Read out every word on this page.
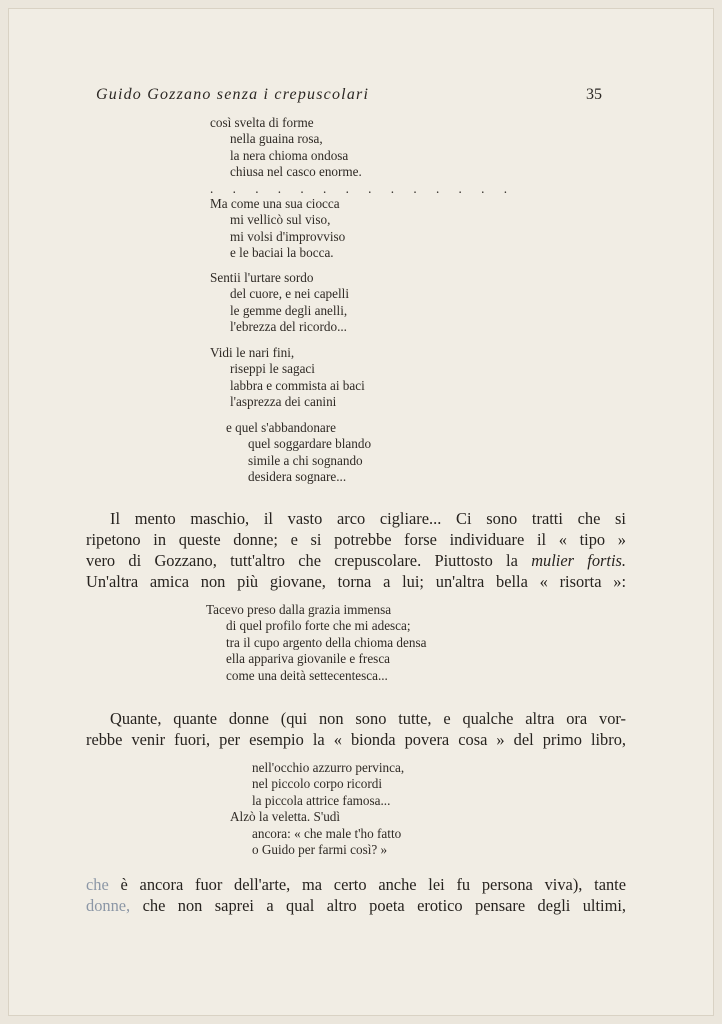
Guido Gozzano senza i crepuscolari	35
così svelta di forme
nella guaina rosa,
la nera chioma ondosa
chiusa nel casco enorme.
. . . . . . . . . . . . . .
Ma come una sua ciocca
mi vellicò sul viso,
mi volsi d'improvviso
e le baciai la bocca.
Sentii l'urtare sordo
del cuore, e nei capelli
le gemme degli anelli,
l'ebrezza del ricordo...
Vidi le nari fini,
riseppi le sagaci
labbra e commista ai baci
l'asprezza dei canini
e quel s'abbandonare
quel soggardare blando
simile a chi sognando
desidera sognare...
Il mento maschio, il vasto arco cigliare... Ci sono tratti che si
ripetono in queste donne; e si potrebbe forse individuare il « tipo »
vero di Gozzano, tutt'altro che crepuscolare. Piuttosto la mulier fortis.
Un'altra amica non più giovane, torna a lui; un'altra bella « risorta »:
Tacevo preso dalla grazia immensa
di quel profilo forte che mi adesca;
tra il cupo argento della chioma densa
ella appariva giovanile e fresca
come una deità settecentesca...
Quante, quante donne (qui non sono tutte, e qualche altra ora vor-
rebbe venir fuori, per esempio la « bionda povera cosa » del primo libro,
nell'occhio azzurro pervinca,
nel piccolo corpo ricordi
la piccola attrice famosa...
Alzò la veletta. S'udì
ancora: « che male t'ho fatto
o Guido per farmi così? »
che è ancora fuor dell'arte, ma certo anche lei fu persona viva), tante
donne, che non saprei a qual altro poeta erotico pensare degli ultimi,
